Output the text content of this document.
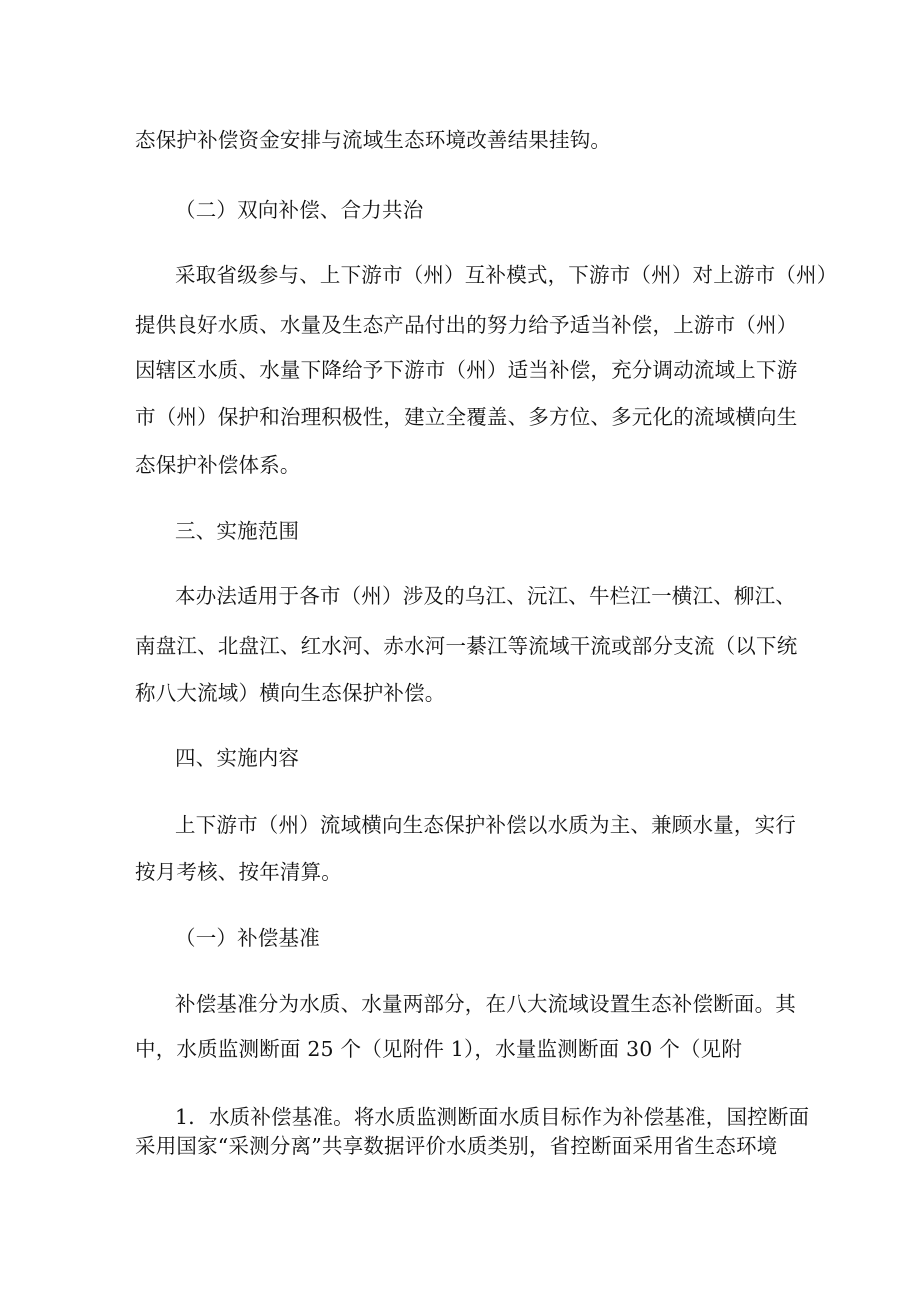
态保护补偿资金安排与流域生态环境改善结果挂钩。
（二）双向补偿、合力共治
采取省级参与、上下游市（州）互补模式，下游市（州）对上游市（州）
提供良好水质、水量及生态产品付出的努力给予适当补偿，上游市（州）
因辖区水质、水量下降给予下游市（州）适当补偿，充分调动流域上下游
市（州）保护和治理积极性，建立全覆盖、多方位、多元化的流域横向生
态保护补偿体系。
三、实施范围
本办法适用于各市（州）涉及的乌江、沅江、牛栏江一横江、柳江、
南盘江、北盘江、红水河、赤水河一綦江等流域干流或部分支流（以下统
称八大流域）横向生态保护补偿。
四、实施内容
上下游市（州）流域横向生态保护补偿以水质为主、兼顾水量，实行
按月考核、按年清算。
（一）补偿基准
补偿基准分为水质、水量两部分，在八大流域设置生态补偿断面。其
中，水质监测断面 25 个（见附件 1），水量监测断面 30 个（见附
1．水质补偿基准。将水质监测断面水质目标作为补偿基准，国控断面
采用国家“采测分离”共享数据评价水质类别，省控断面采用省生态环境
